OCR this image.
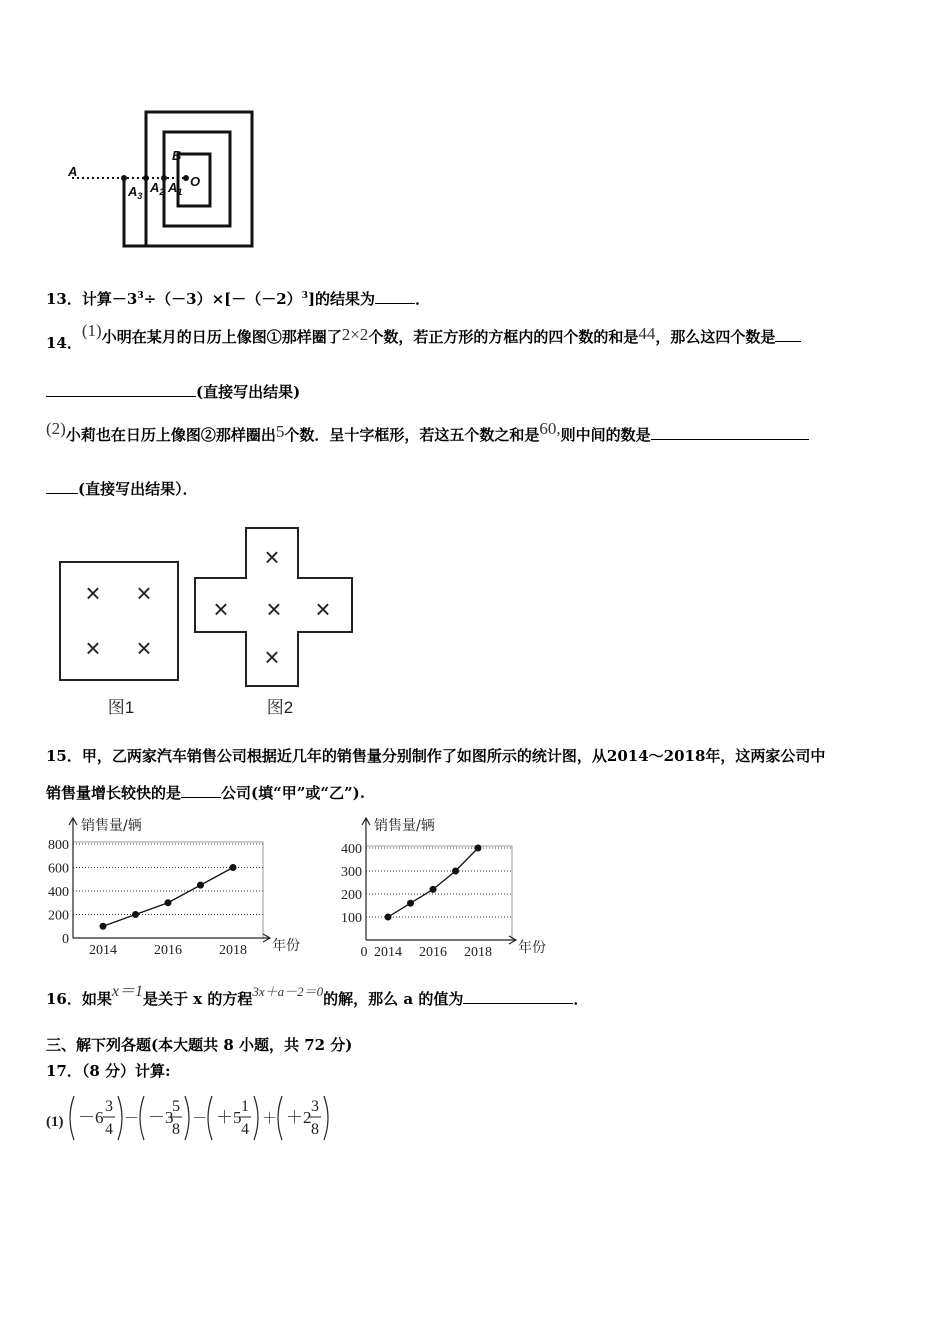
A
$A_3$
$A_2$ $A_1$
B
O
13．计算$-3^3\div(-3)\times[-(-2)^3]$的结果为	．
14．(1)小明在某月的日历上像图①那样圈了2×2个数，若正方形的方框内的四个数的和是44，那么这四个数是
(直接写出结果)
(2)小莉也在日历上像图②那样圈出5个数．呈十字框形，若这五个数之和是60,则中间的数是
(直接写出结果）．
× ×
× ×
×
× × ×
×
图1	图2
15．甲，乙两家汽车销售公司根据近几年的销售量分别制作了如图所示的统计图，从2014～2018年，这两家公司中
销售量增长较快的是	公司(填“甲”或“乙”).
0
200
400
600
800
销售量/辆
年份
2014	2016	2018
100
200
300
400
销售量/辆
年份
0 2014 2016 2018
16．如果x＝1是关于 x 的方程3x＋a－2＝0的解，那么 a 的值为	．
三、解下列各题(本大题共 8 小题，共 72 分)
17．（8 分）计算:
(1) －6
3
4
－ －3
5
8
－ ＋5
1
4
＋ ＋2
3
8
